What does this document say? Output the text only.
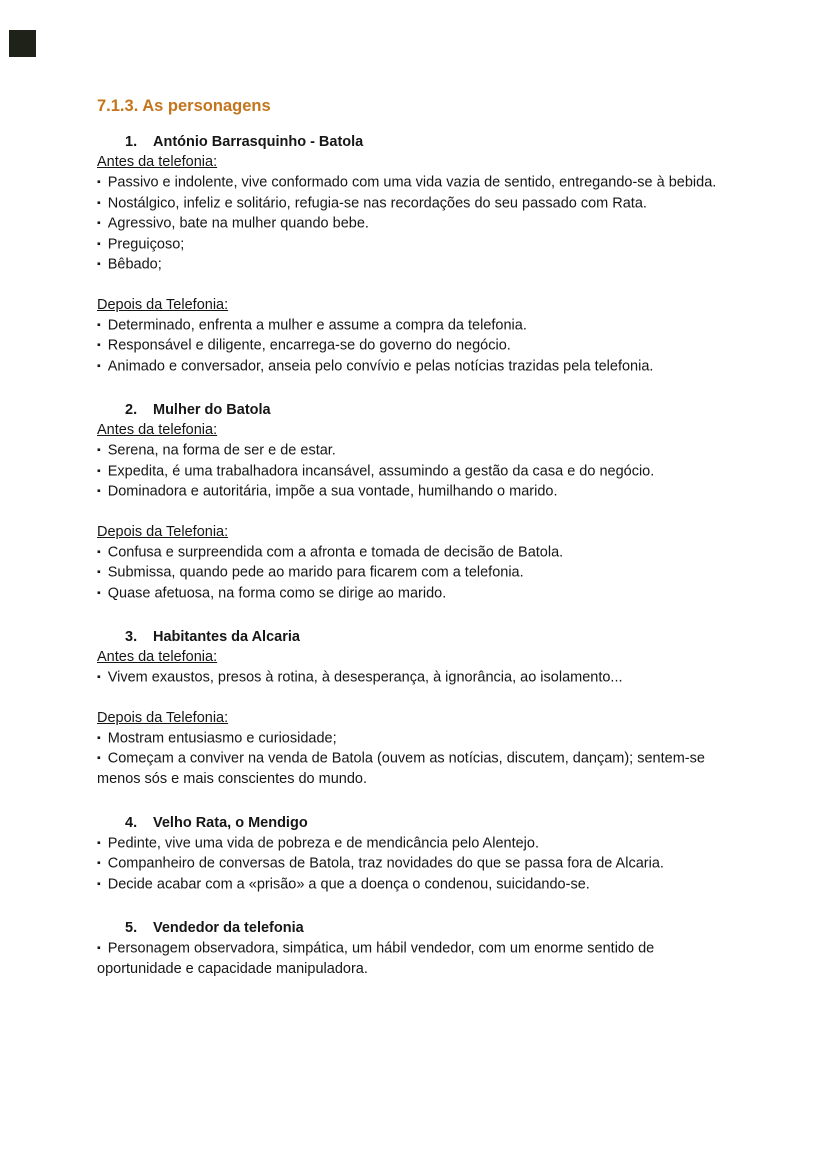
7.1.3. As personagens
1. António Barrasquinho - Batola
Antes da telefonia:

▪ Passivo e indolente, vive conformado com uma vida vazia de sentido, entregando-se à bebida.

▪ Nostálgico, infeliz e solitário, refugia-se nas recordações do seu passado com Rata.

▪ Agressivo, bate na mulher quando bebe.

▪ Preguiçoso;

▪ Bêbado;

Depois da Telefonia:

▪ Determinado, enfrenta a mulher e assume a compra da telefonia.

▪ Responsável e diligente, encarrega-se do governo do negócio.

▪ Animado e conversador, anseia pelo convívio e pelas notícias trazidas pela telefonia.

2. Mulher do Batola
Antes da telefonia:

▪ Serena, na forma de ser e de estar.

▪ Expedita, é uma trabalhadora incansável, assumindo a gestão da casa e do negócio.

▪ Dominadora e autoritária, impõe a sua vontade, humilhando o marido.

Depois da Telefonia:

▪ Confusa e surpreendida com a afronta e tomada de decisão de Batola.

▪ Submissa, quando pede ao marido para ficarem com a telefonia.

▪ Quase afetuosa, na forma como se dirige ao marido.

3. Habitantes da Alcaria
Antes da telefonia:

▪ Vivem exaustos, presos à rotina, à desesperança, à ignorância, ao isolamento...

Depois da Telefonia:

▪ Mostram entusiasmo e curiosidade;

▪ Começam a conviver na venda de Batola (ouvem as notícias, discutem, dançam); sentem-se menos sós e mais conscientes do mundo.

4. Velho Rata, o Mendigo

▪ Pedinte, vive uma vida de pobreza e de mendicância pelo Alentejo.

▪ Companheiro de conversas de Batola, traz novidades do que se passa fora de Alcaria.

▪ Decide acabar com a «prisão» a que a doença o condenou, suicidando-se.

5. Vendedor da telefonia

▪ Personagem observadora, simpática, um hábil vendedor, com um enorme sentido de oportunidade e capacidade manipuladora.
